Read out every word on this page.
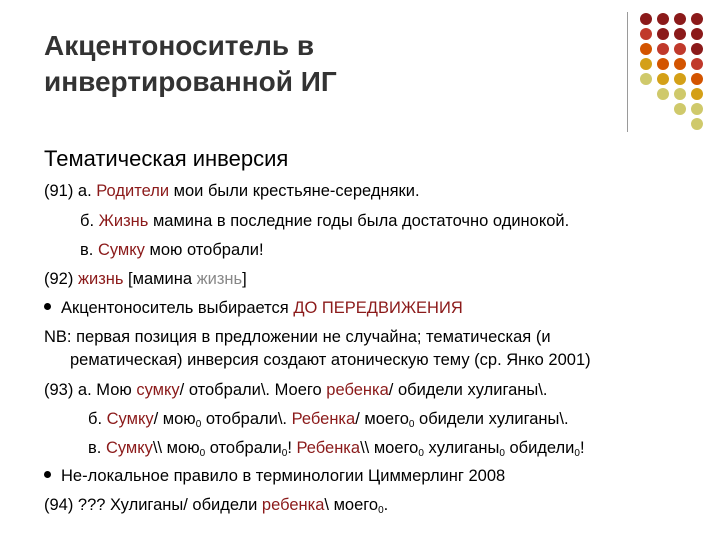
Акцентоноситель в
инвертированной ИГ
Тематическая инверсия
(91) а. Родители мои были крестьяне-середняки.
б. Жизнь мамина в последние годы была достаточно одинокой.
в. Сумку мою отобрали!
(92) жизнь [мамина жизнь]
Акцентоноситель выбирается ДО ПЕРЕДВИЖЕНИЯ
NB: первая позиция в предложении не случайна; тематическая (и
рематическая) инверсия создают атоническую тему (ср. Янко 2001)
(93) а. Мою сумку/ отобрали\. Моего ребенка/ обидели хулиганы\.
б. Сумку/ мою$_0$ отобрали\. Ребенка/ моего$_0$ обидели хулиганы\.
в. Сумку\\ мою$_0$ отобрали$_0$! Ребенка\\ моего$_0$ хулиганы$_0$ обидели$_0$!
Не-локальное правило в терминологии Циммерлинг 2008
(94) ??? Хулиганы/ обидели ребенка\ моего$_0$.
